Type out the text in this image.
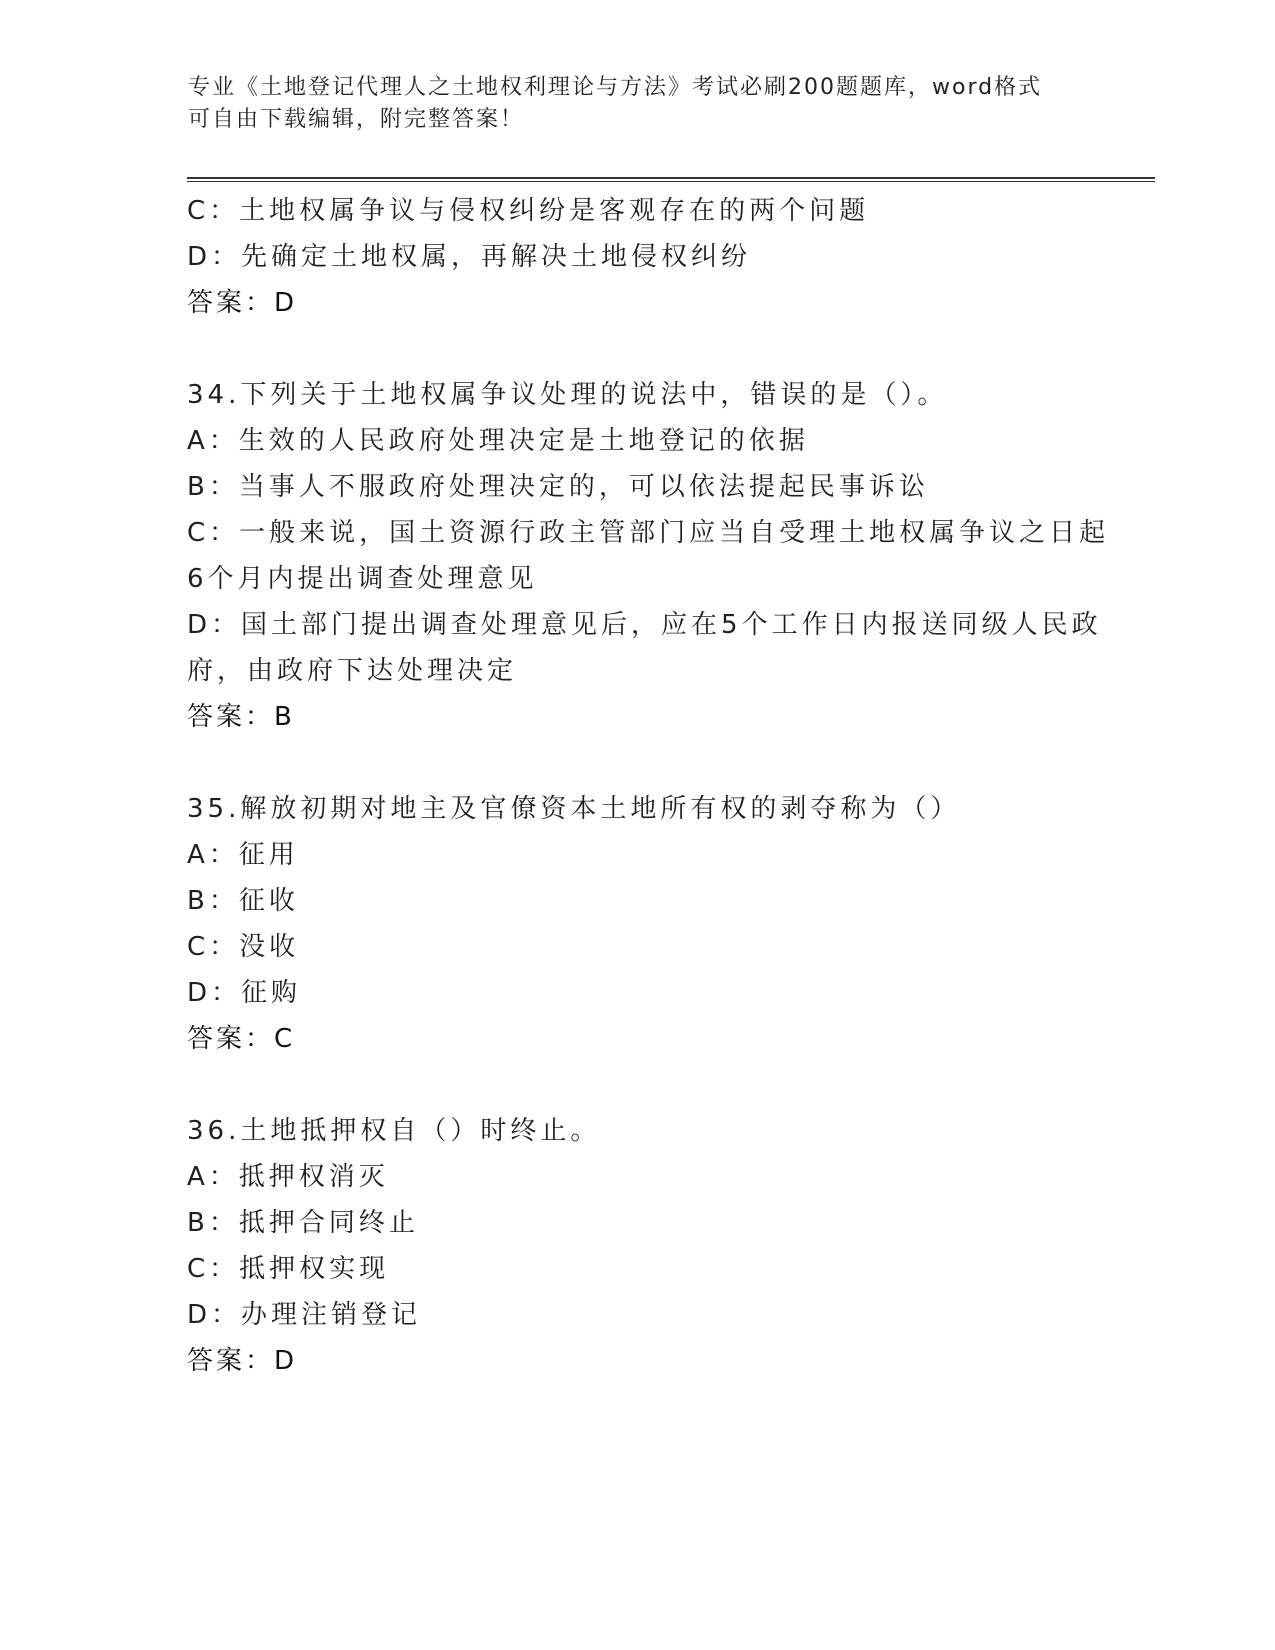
专业《土地登记代理人之土地权利理论与方法》考试必刷200题题库，word格式
可自由下载编辑，附完整答案！
C：土地权属争议与侵权纠纷是客观存在的两个问题
D：先确定土地权属，再解决土地侵权纠纷
答案：D
34.下列关于土地权属争议处理的说法中，错误的是（）。
A：生效的人民政府处理决定是土地登记的依据
B：当事人不服政府处理决定的，可以依法提起民事诉讼
C：一般来说，国土资源行政主管部门应当自受理土地权属争议之日起
6个月内提出调查处理意见
D：国土部门提出调查处理意见后，应在5个工作日内报送同级人民政
府，由政府下达处理决定
答案：B
35.解放初期对地主及官僚资本土地所有权的剥夺称为（）
A：征用
B：征收
C：没收
D：征购
答案：C
36.土地抵押权自（）时终止。
A：抵押权消灭
B：抵押合同终止
C：抵押权实现
D：办理注销登记
答案：D
